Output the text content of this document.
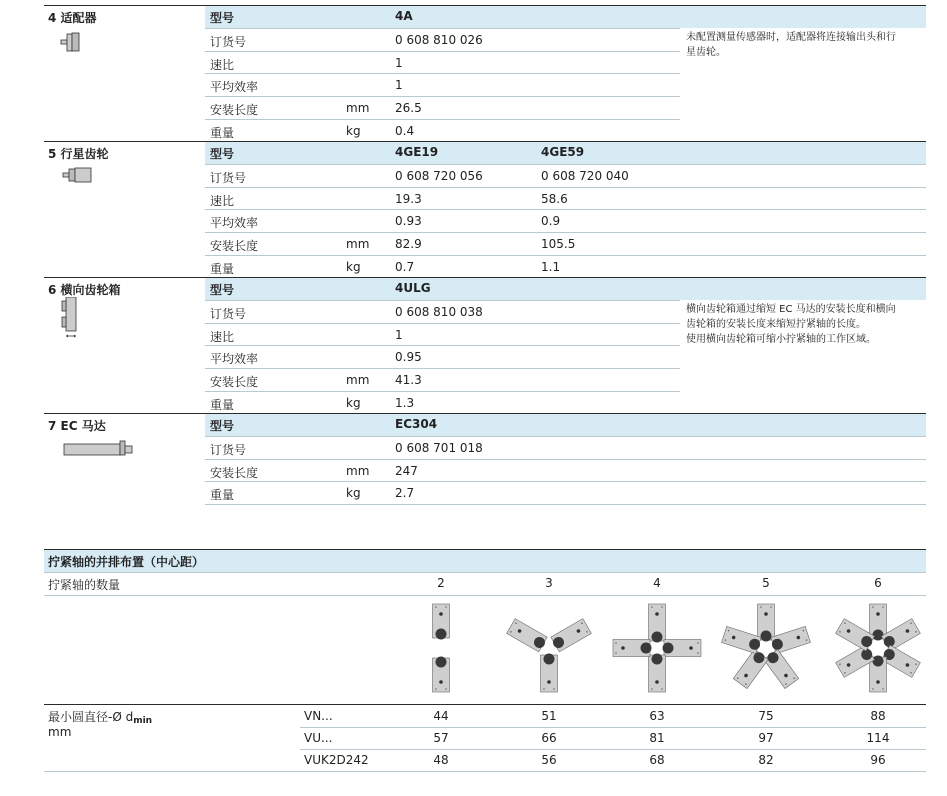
4 适配器	型号	4A
订货号	0 608 810 026
速比	1
平均效率	1
安装长度	mm 26.5
重量	kg	0.4
未配置测量传感器时，适配器将连接输出头和行
星齿轮。
5 行星齿轮	型号	4GE19	4GE59
订货号	0 608 720 056	0 608 720 040
速比	19.3	58.6
平均效率	0.93	0.9
安装长度	mm 82.9	105.5
重量	kg	0.7	1.1
6 横向齿轮箱	型号	4ULG
订货号	0 608 810 038
速比	1
平均效率	0.95
安装长度	mm 41.3
重量	kg	1.3
横向齿轮箱通过缩短 EC 马达的安装长度和横向
齿轮箱的安装长度来缩短拧紧轴的长度。
使用横向齿轮箱可缩小拧紧轴的工作区域。
7 EC 马达	型号	EC304
订货号	0 608 701 018
安装长度	mm 247
重量	kg	2.7
拧紧轴的并排布置（中心距）
拧紧轴的数量	2	3	4	5	6
最小圆直径-Ø $d_{min}$
mm
VN...	44	51	63	75	88
VU...	57	66	81	97	114
VUK2D242	48	56	68	82	96
